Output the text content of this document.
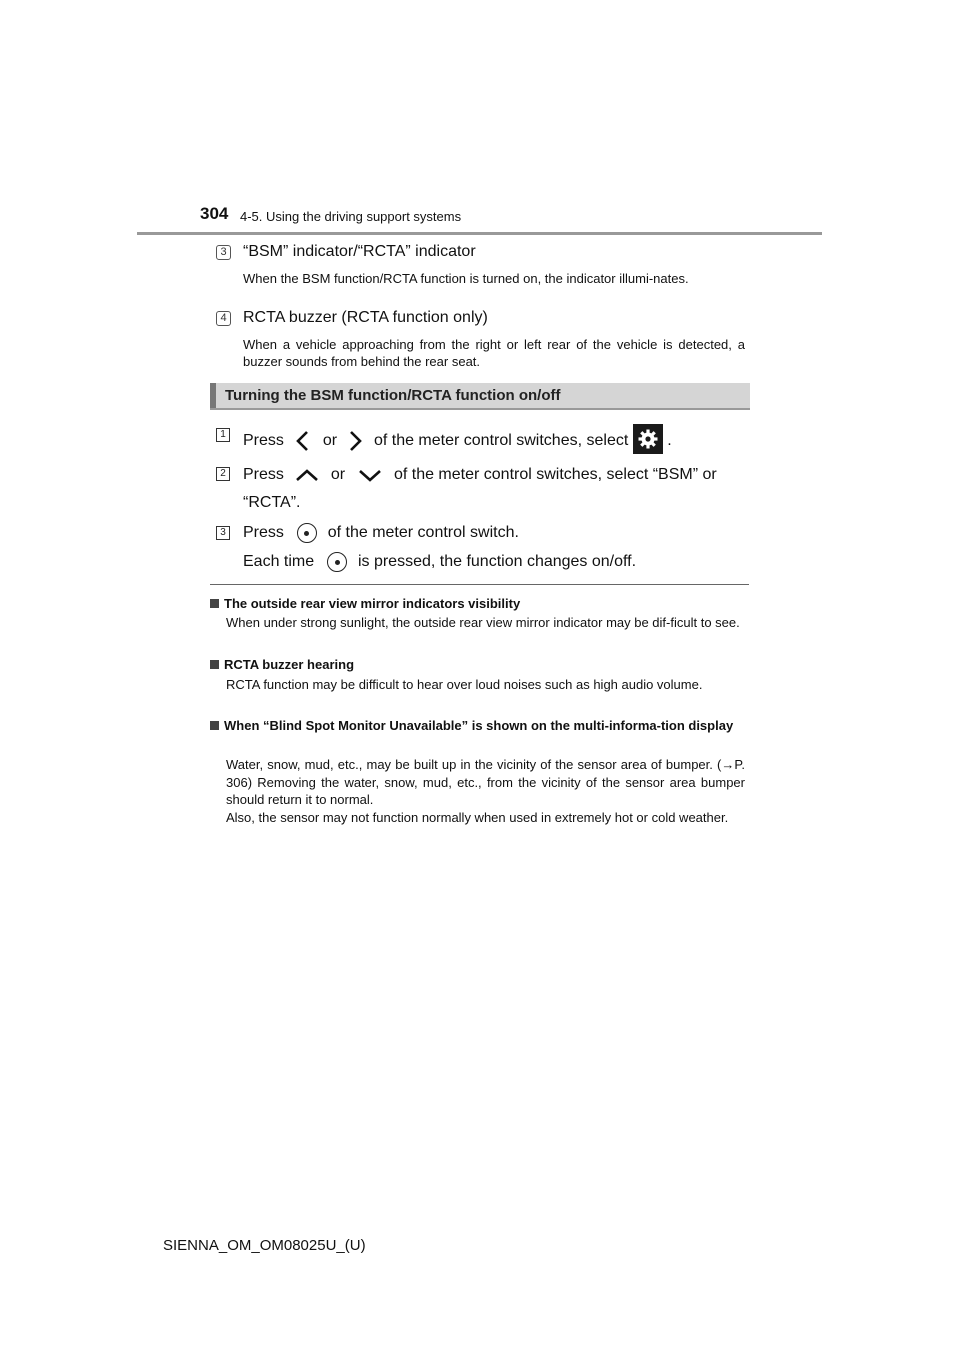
304 4-5. Using the driving support systems
3 “BSM” indicator/“RCTA” indicator
When the BSM function/RCTA function is turned on, the indicator illumi-nates.
4 RCTA buzzer (RCTA function only)
When a vehicle approaching from the right or left rear of the vehicle is detected, a buzzer sounds from behind the rear seat.
Turning the BSM function/RCTA function on/off
1 Press or of the meter control switches, select .
2 Press	or	of the meter control switches, select “BSM” or
“RCTA”.
3 Press	of the meter control switch.
Each time	is pressed, the function changes on/off.
The outside rear view mirror indicators visibility

When under strong sunlight, the outside rear view mirror indicator may be dif-ficult to see.

RCTA buzzer hearing

RCTA function may be difficult to hear over loud noises such as high audio volume.

When “Blind Spot Monitor Unavailable” is shown on the multi-informa-tion display

Water, snow, mud, etc., may be built up in the vicinity of the sensor area of bumper. (→P. 306) Removing the water, snow, mud, etc., from the vicinity of the sensor area bumper should return it to normal.

Also, the sensor may not function normally when used in extremely hot or cold weather.

SIENNA_OM_OM08025U_(U)
